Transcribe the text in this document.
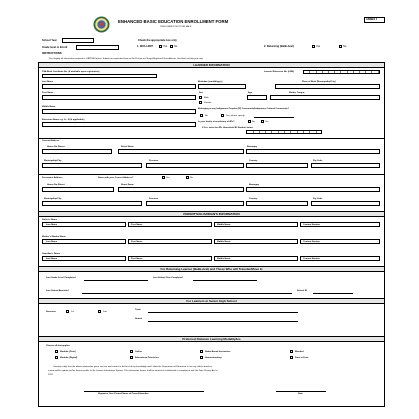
ANNEX 1
ENHANCED BASIC EDUCATION ENROLLMENT FORM
THIS FORM IS NOT FOR SALE
School Year
Grade level to Enroll
Check the appropriate box only
1. With LRN?	Yes	No	2. Returning (Balik-Aral)	Yes	No
INSTRUCTIONS:
Print legibly all information required in CAPITAL letters. Submit accomplished form to the Person-in-Charge/Registrar/Class Adviser. Use black or blue pen only.
LEARNER INFORMATION
PSA Birth Certificate No. (if available upon registration)	Learner Reference No. (LRN)
Last Name	Birthdate (mm/dd/yyyy)	Place of Birth (Municipality/City)
First Name	Sex	Age
Male
Female
Mother Tongue
Middle Name
Belonging to any Indigenous Peoples (IP) Community/Indigenous Cultural Community?
No	Yes, please specify
Extension Name e.g. Jr., III (if applicable)
Is your family a beneficiary of 4Ps?	No	Yes
If Yes, write the 4Ps Household ID Number below
Current Address
House No./Street	Street Name	Barangay
Municipality/City	Province	Country	Zip Code
Permanent Address	Same with your Current Address?	Yes	No
House No./Street	Street Name	Barangay
Municipality/City	Province	Country	Zip Code
PARENT'S/GUARDIAN'S INFORMATION
Father's Name
Last Name	First Name	Middle Name	Contact Number
Mother's Maiden Name
Last Name	First Name	Middle Name	Contact Number
Guardian's Name
Last Name	First Name	Middle Name	Contact Number
For Returning Learner (Balik-Aral) and Those Who will Transfer/Move In
Last Grade Level Completed	Last School Year Completed
Last School Attended	School ID
For Learners in Senior High School
Semester	1st	2nd
Track
Strand
Preferred Distance Learning Modality/ies
Choose all that applies
Modular (Print)	Online	Radio-Based Instruction	Blended
Modular (Digital)	Educational Television	Homeschooling	Face to Face
I hereby certify that the above information given are true and correct to the best of my knowledge and I allow the Department of Education to use my child's details to
create and/or update his/her learner profile in the Learner Information System. The information herein shall be treated as confidential in compliance with the Data Privacy Act of
2012.
Signature Over Printed Name of Parent/Guardian	Date
